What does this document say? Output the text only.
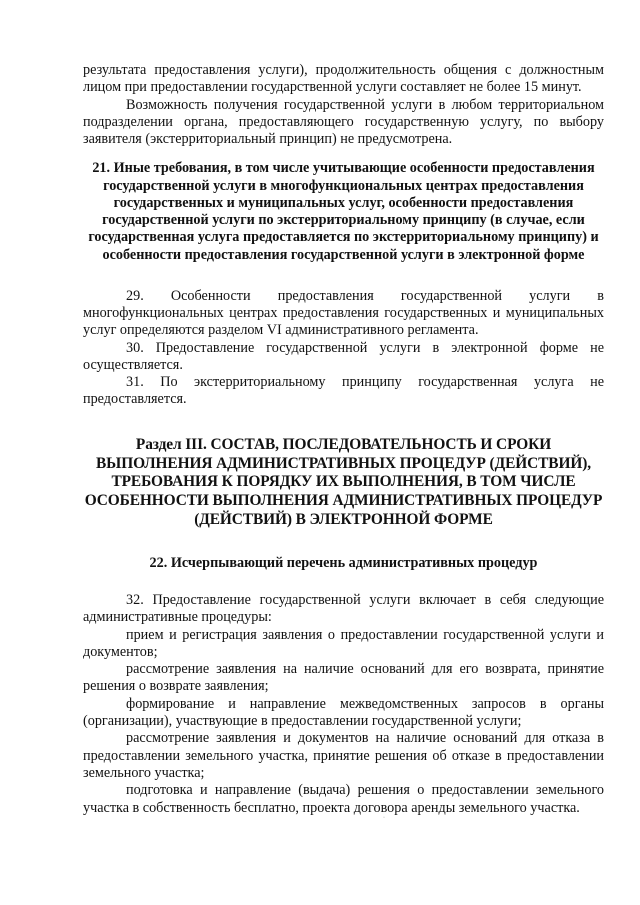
результата предоставления услуги), продолжительность общения с должностным лицом при предоставлении государственной услуги составляет не более 15 минут.

Возможность получения государственной услуги в любом территориальном подразделении органа, предоставляющего государственную услугу, по выбору заявителя (экстерриториальный принцип) не предусмотрена.

21. Иные требования, в том числе учитывающие особенности предоставления государственной услуги в многофункциональных центрах предоставления государственных и муниципальных услуг, особенности предоставления государственной услуги по экстерриториальному принципу (в случае, если государственная услуга предоставляется по экстерриториальному принципу) и особенности предоставления государственной услуги в электронной форме

29. Особенности предоставления государственной услуги в многофункциональных центрах предоставления государственных и муниципальных услуг определяются разделом VI административного регламента.

30. Предоставление государственной услуги в электронной форме не осуществляется.

31. По экстерриториальному принципу государственная услуга не предоставляется.

Раздел III. СОСТАВ, ПОСЛЕДОВАТЕЛЬНОСТЬ И СРОКИ ВЫПОЛНЕНИЯ АДМИНИСТРАТИВНЫХ ПРОЦЕДУР (ДЕЙСТВИЙ), ТРЕБОВАНИЯ К ПОРЯДКУ ИХ ВЫПОЛНЕНИЯ, В ТОМ ЧИСЛЕ ОСОБЕННОСТИ ВЫПОЛНЕНИЯ АДМИНИСТРАТИВНЫХ ПРОЦЕДУР (ДЕЙСТВИЙ) В ЭЛЕКТРОННОЙ ФОРМЕ
22. Исчерпывающий перечень административных процедур

32. Предоставление государственной услуги включает в себя следующие административные процедуры:

прием и регистрация заявления о предоставлении государственной услуги и документов;

рассмотрение заявления на наличие оснований для его возврата, принятие решения о возврате заявления;

формирование и направление межведомственных запросов в органы (организации), участвующие в предоставлении государственной услуги;

рассмотрение заявления и документов на наличие оснований для отказа в предоставлении земельного участка, принятие решения об отказе в предоставлении земельного участка;

подготовка и направление (выдача) решения о предоставлении земельного участка в собственность бесплатно, проекта договора аренды земельного участка.

·
